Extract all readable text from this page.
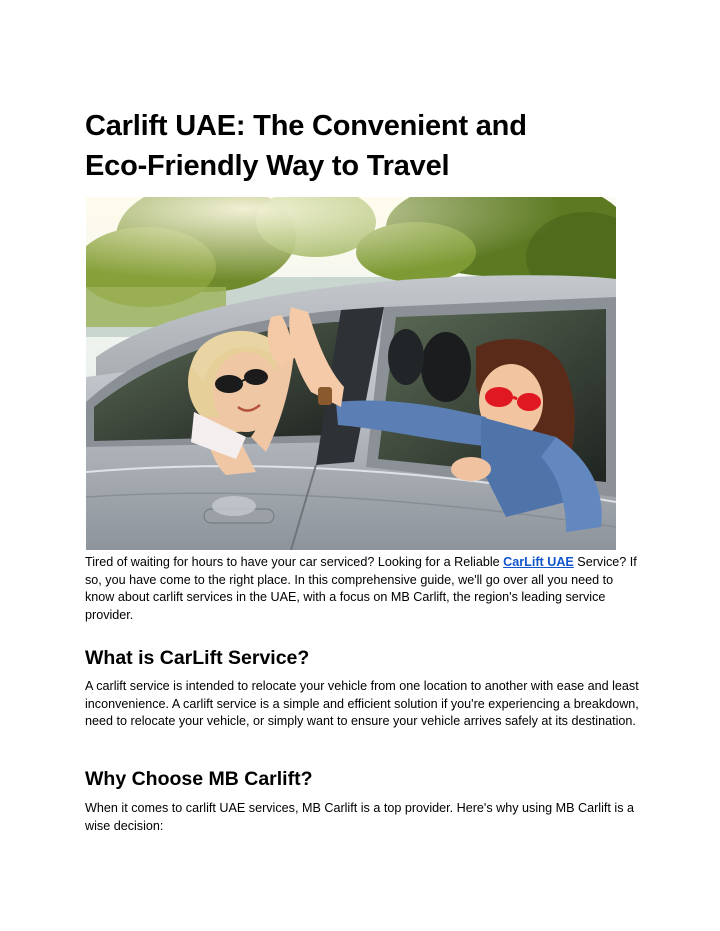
Carlift UAE: The Convenient and
Eco-Friendly Way to Travel

Tired of waiting for hours to have your car serviced? Looking for a Reliable CarLift UAE Service? If so, you have come to the right place. In this comprehensive guide, we'll go over all you need to know about carlift services in the UAE, with a focus on MB Carlift, the region's leading service provider.

What is CarLift Service?

A carlift service is intended to relocate your vehicle from one location to another with ease and least inconvenience. A carlift service is a simple and efficient solution if you're experiencing a breakdown, need to relocate your vehicle, or simply want to ensure your vehicle arrives safely at its destination.

Why Choose MB Carlift?

When it comes to carlift UAE services, MB Carlift is a top provider. Here's why using MB Carlift is a wise decision:
